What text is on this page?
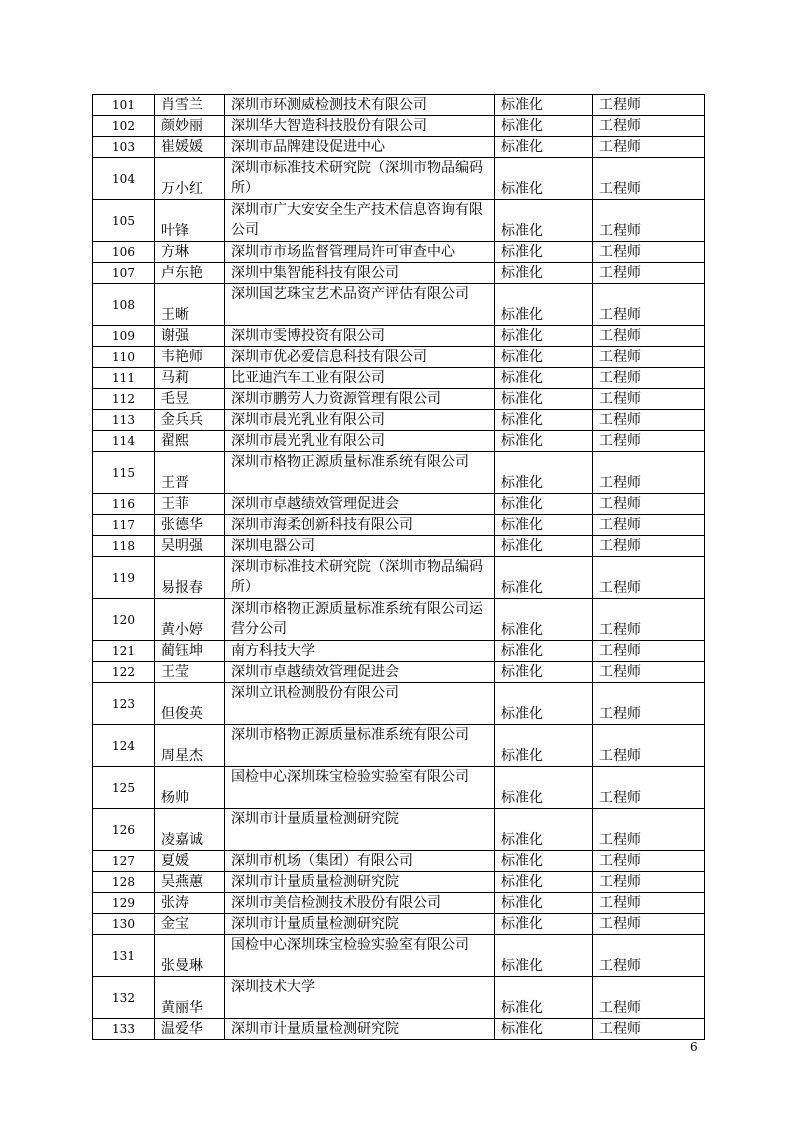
101	肖雪兰	深圳市环测威检测技术有限公司	标准化	工程师
102	颜妙丽	深圳华大智造科技股份有限公司	标准化	工程师
103	崔媛媛	深圳市品牌建设促进中心	标准化	工程师
104	万小红	深圳市标准技术研究院（深圳市物品编码所）	标准化	工程师
105	叶锋	深圳市广大安安全生产技术信息咨询有限公司	标准化	工程师
106	方琳	深圳市市场监督管理局许可审查中心	标准化	工程师
107	卢东艳	深圳中集智能科技有限公司	标准化	工程师
108	王晰	深圳国艺珠宝艺术品资产评估有限公司	标准化	工程师
109	谢强	深圳市雯博投资有限公司	标准化	工程师
110	韦艳师	深圳市优必爱信息科技有限公司	标准化	工程师
111	马莉	比亚迪汽车工业有限公司	标准化	工程师
112	毛昱	深圳市鹏劳人力资源管理有限公司	标准化	工程师
113	金兵兵	深圳市晨光乳业有限公司	标准化	工程师
114	翟熙	深圳市晨光乳业有限公司	标准化	工程师
115	王晋	深圳市格物正源质量标准系统有限公司	标准化	工程师
116	王菲	深圳市卓越绩效管理促进会	标准化	工程师
117	张德华	深圳市海柔创新科技有限公司	标准化	工程师
118	吴明强	深圳电器公司	标准化	工程师
119	易报春	深圳市标准技术研究院（深圳市物品编码所）	标准化	工程师
120	黄小婷	深圳市格物正源质量标准系统有限公司运营分公司	标准化	工程师
121	蔺钰坤	南方科技大学	标准化	工程师
122	王莹	深圳市卓越绩效管理促进会	标准化	工程师
123	但俊英	深圳立讯检测股份有限公司	标准化	工程师
124	周星杰	深圳市格物正源质量标准系统有限公司	标准化	工程师
125	杨帅	国检中心深圳珠宝检验实验室有限公司	标准化	工程师
126	凌嘉诚	深圳市计量质量检测研究院	标准化	工程师
127	夏媛	深圳市机场（集团）有限公司	标准化	工程师
128	吴燕蕙	深圳市计量质量检测研究院	标准化	工程师
129	张涛	深圳市美信检测技术股份有限公司	标准化	工程师
130	金宝	深圳市计量质量检测研究院	标准化	工程师
131	张曼琳	国检中心深圳珠宝检验实验室有限公司	标准化	工程师
132	黄丽华	深圳技术大学	标准化	工程师
133	温爱华	深圳市计量质量检测研究院	标准化	工程师
6
